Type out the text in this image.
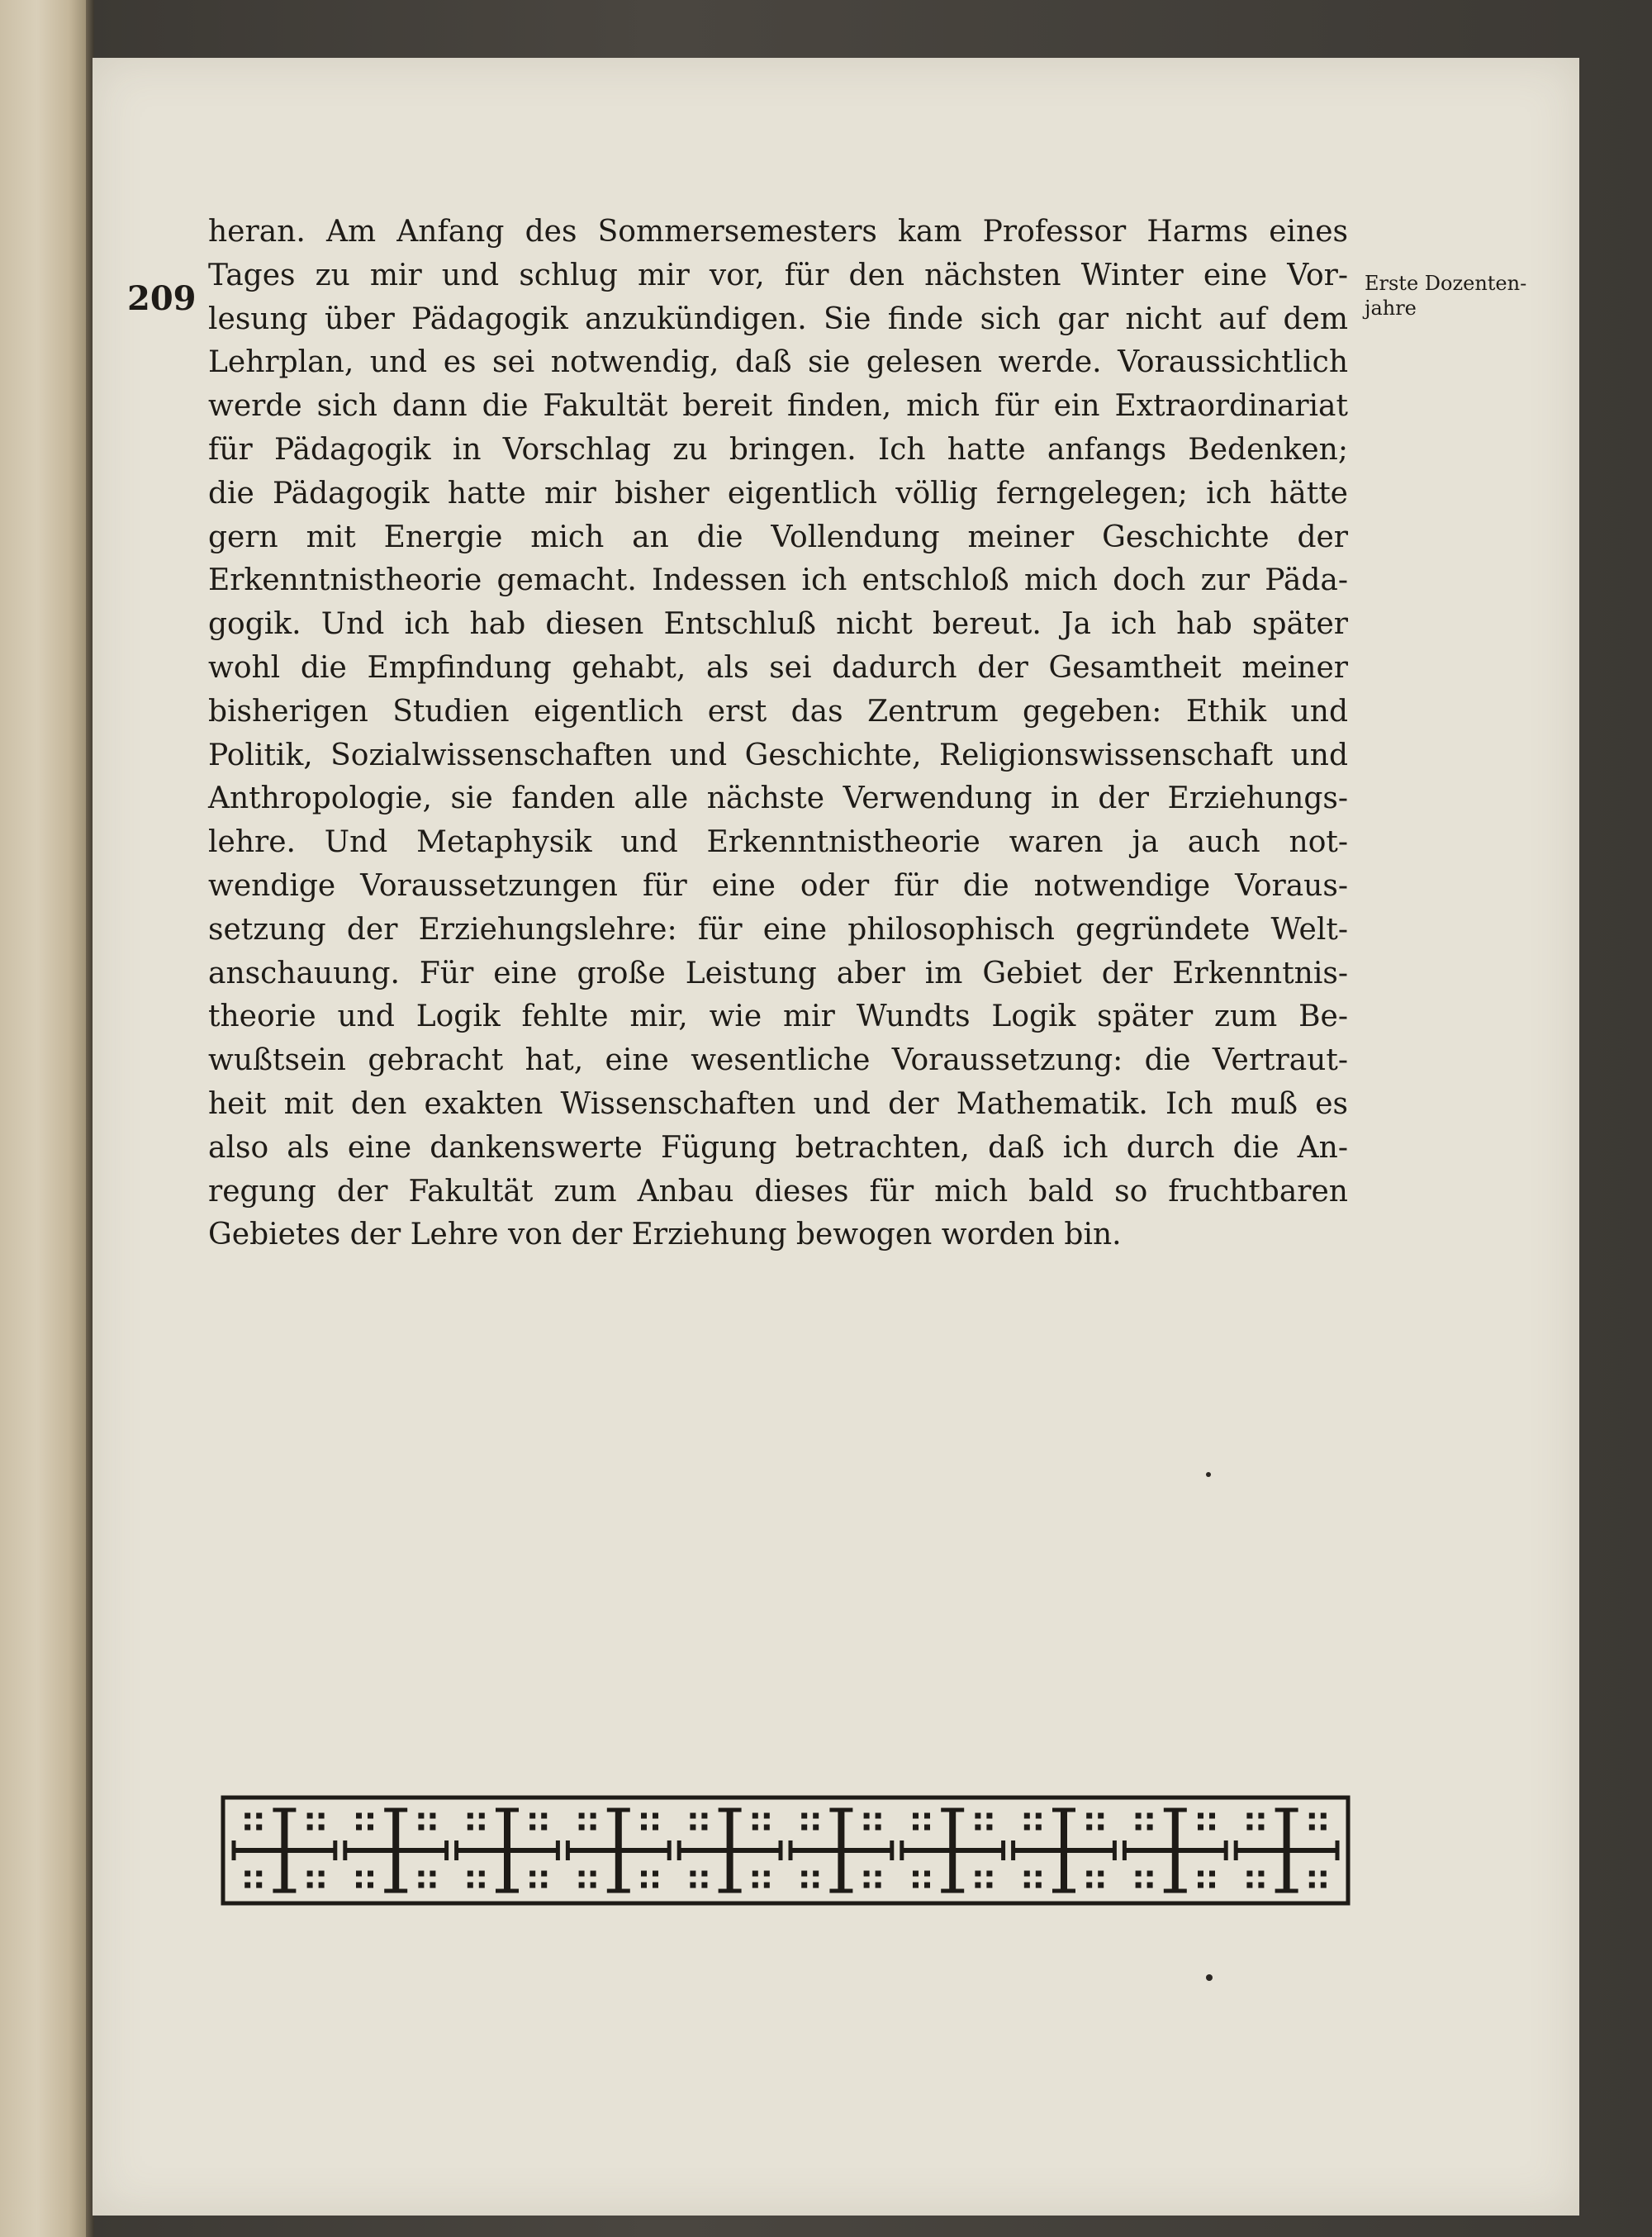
209
heran. Am Anfang des Sommersemesters kam Professor Harms eines
Tages zu mir und schlug mir vor, für den nächsten Winter eine Vor-
lesung über Pädagogik anzukündigen. Sie finde sich gar nicht auf dem
Lehrplan, und es sei notwendig, daß sie gelesen werde. Voraussichtlich
werde sich dann die Fakultät bereit finden, mich für ein Extraordinariat
für Pädagogik in Vorschlag zu bringen. Ich hatte anfangs Bedenken;
die Pädagogik hatte mir bisher eigentlich völlig ferngelegen; ich hätte
gern mit Energie mich an die Vollendung meiner Geschichte der
Erkenntnistheorie gemacht. Indessen ich entschloß mich doch zur Päda-
gogik. Und ich hab diesen Entschluß nicht bereut. Ja ich hab später
wohl die Empfindung gehabt, als sei dadurch der Gesamtheit meiner
bisherigen Studien eigentlich erst das Zentrum gegeben: Ethik und
Politik, Sozialwissenschaften und Geschichte, Religionswissenschaft und
Anthropologie, sie fanden alle nächste Verwendung in der Erziehungs-
lehre. Und Metaphysik und Erkenntnistheorie waren ja auch not-
wendige Voraussetzungen für eine oder für die notwendige Voraus-
setzung der Erziehungslehre: für eine philosophisch gegründete Welt-
anschauung. Für eine große Leistung aber im Gebiet der Erkenntnis-
theorie und Logik fehlte mir, wie mir Wundts Logik später zum Be-
wußtsein gebracht hat, eine wesentliche Voraussetzung: die Vertraut-
heit mit den exakten Wissenschaften und der Mathematik. Ich muß es
also als eine dankenswerte Fügung betrachten, daß ich durch die An-
regung der Fakultät zum Anbau dieses für mich bald so fruchtbaren
Gebietes der Lehre von der Erziehung bewogen worden bin.
Erste Dozenten-
jahre
